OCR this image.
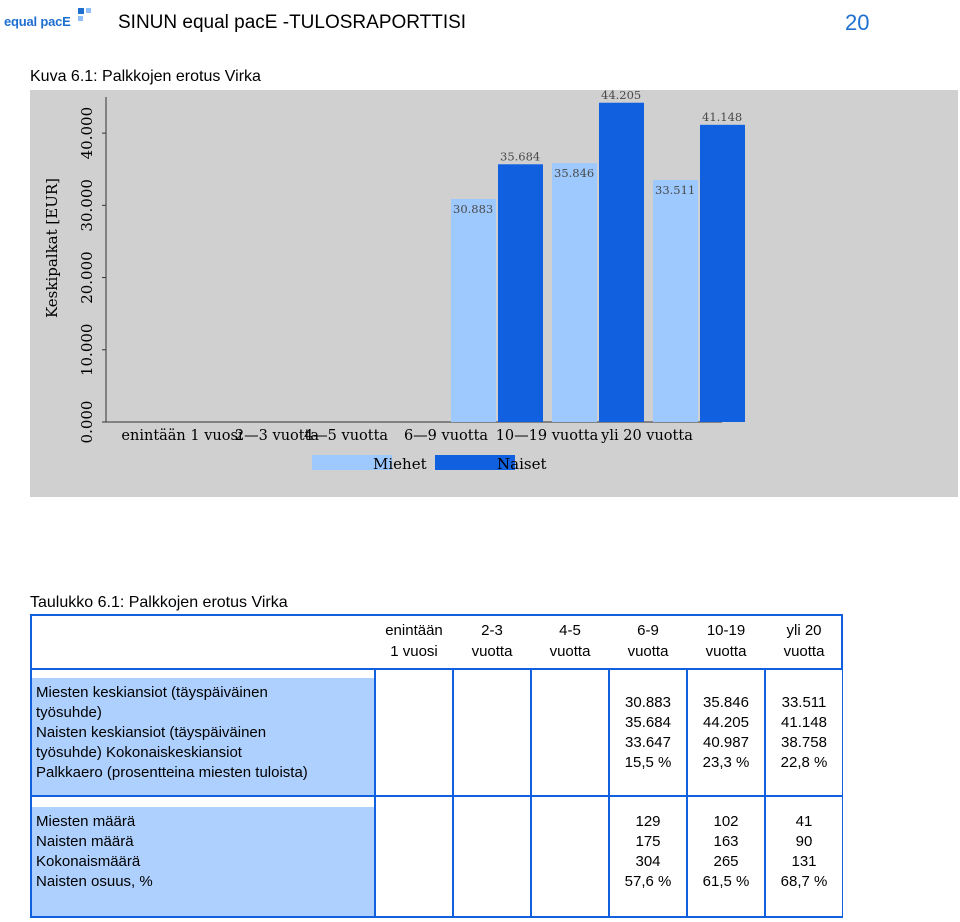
equal pacE SINUN equal pacE -TULOSRAPORTTISI	20
Kuva 6.1: Palkkojen erotus Virka
0.000
10.000
20.000
30.000
40.000
Keskipalkat [EUR]
enintään 1 vuosi
2—3 vuotta
4—5 vuotta 6—9 vuotta 10—19 vuotta yli 20 vuotta
30.883
35.684
35.846
44.205
33.511
41.148
Miehet	Naiset
Taulukko 6.1: Palkkojen erotus Virka
Miesten keskiansiot (täyspäiväinen
työsuhde)
Naisten keskiansiot (täyspäiväinen
työsuhde) Kokonaiskeskiansiot
Palkkaero (prosentteina miesten tuloista)
Miesten määrä
Naisten määrä
Kokonaismäärä
Naisten osuus, %
enintään
1 vuosi
2-3
vuotta
4-5
vuotta
6-9
vuotta
30.883
35.684
33.647
15,5 %
129
175
304
57,6 %
10-19
vuotta
35.846
44.205
40.987
23,3 %
102
163
265
61,5 %
yli 20
vuotta
33.511
41.148
38.758
22,8 %
41
90
131
68,7 %
